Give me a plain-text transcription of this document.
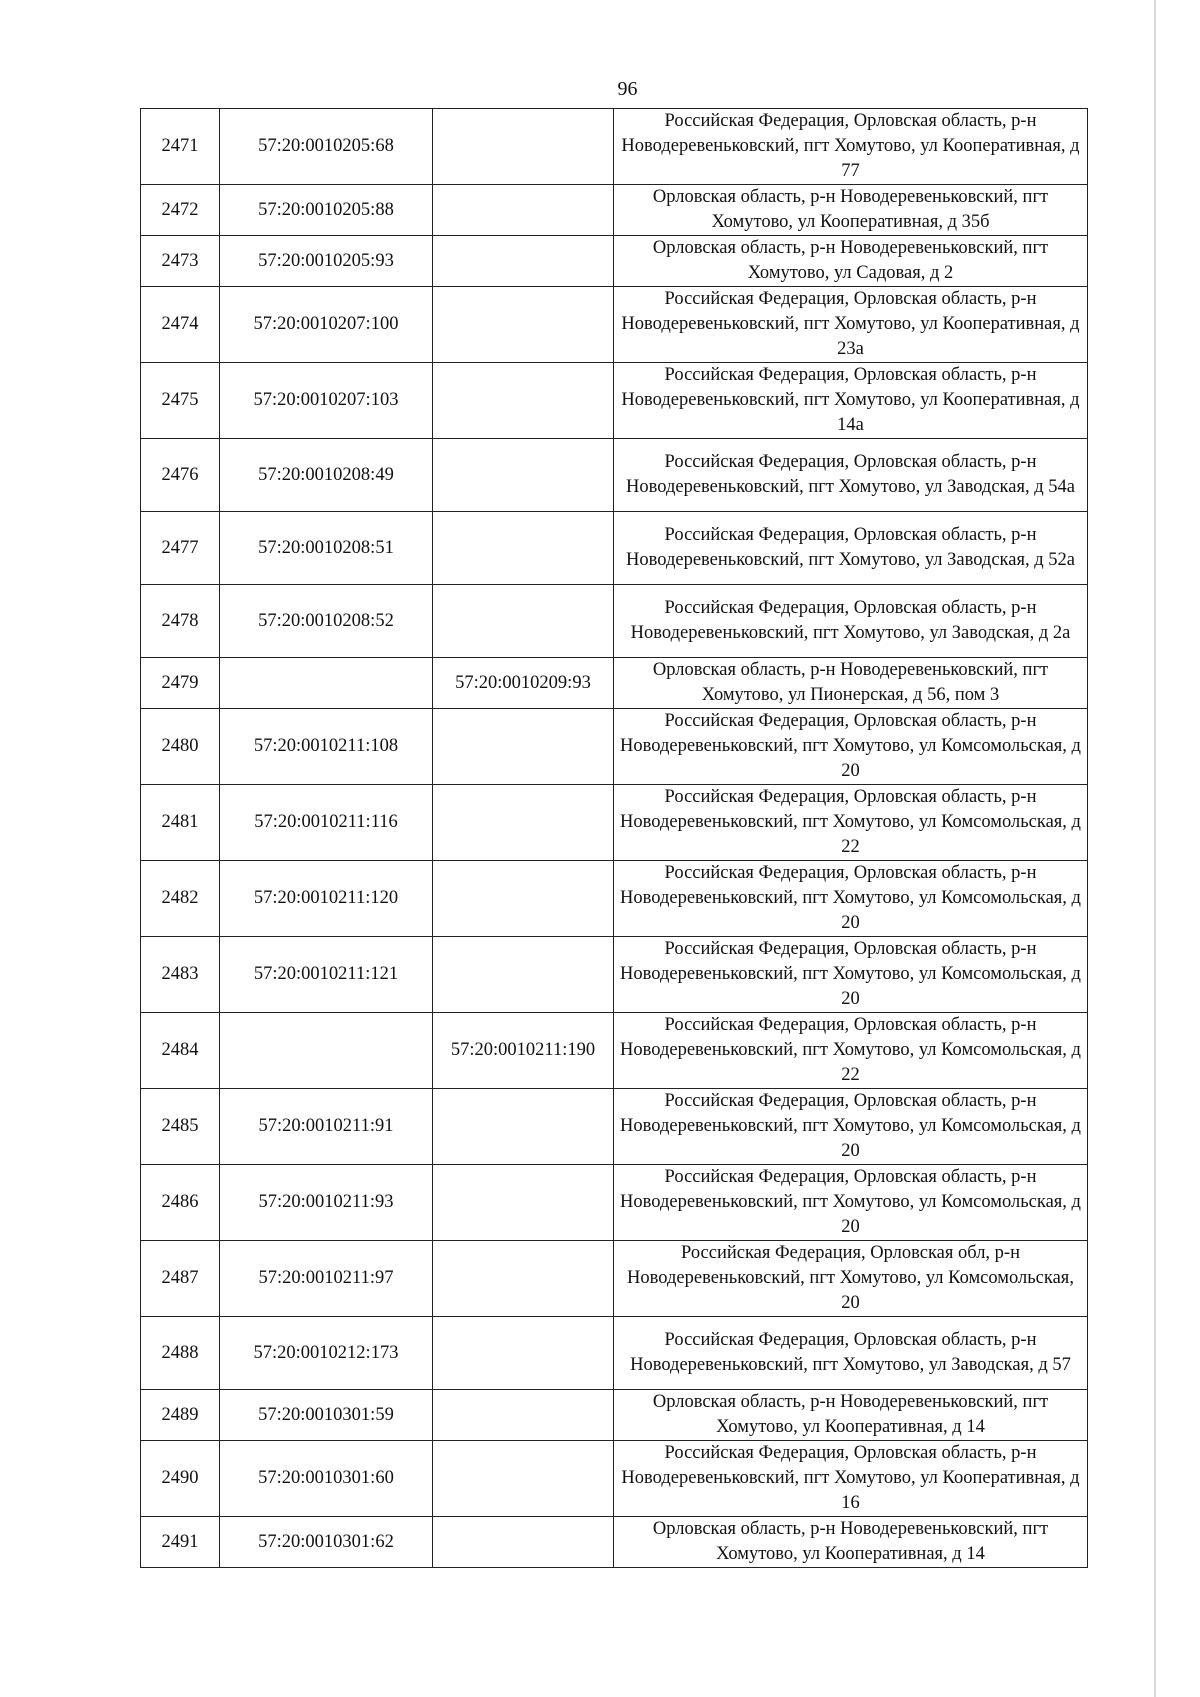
96
2471	57:20:0010205:68		Российская Федерация, Орловская область, р-н Новодеревеньковский, пгт Хомутово, ул Кооперативная, д 77
2472	57:20:0010205:88		Орловская область, р-н Новодеревеньковский, пгт Хомутово, ул Кооперативная, д 35б
2473	57:20:0010205:93		Орловская область, р-н Новодеревеньковский, пгт Хомутово, ул Садовая, д 2
2474	57:20:0010207:100		Российская Федерация, Орловская область, р-н Новодеревеньковский, пгт Хомутово, ул Кооперативная, д 23а
2475	57:20:0010207:103		Российская Федерация, Орловская область, р-н Новодеревеньковский, пгт Хомутово, ул Кооперативная, д 14а
2476	57:20:0010208:49		Российская Федерация, Орловская область, р-н Новодеревеньковский, пгт Хомутово, ул Заводская, д 54а
2477	57:20:0010208:51		Российская Федерация, Орловская область, р-н Новодеревеньковский, пгт Хомутово, ул Заводская, д 52а
2478	57:20:0010208:52		Российская Федерация, Орловская область, р-н Новодеревеньковский, пгт Хомутово, ул Заводская, д 2а
2479		57:20:0010209:93	Орловская область, р-н Новодеревеньковский, пгт Хомутово, ул Пионерская, д 56, пом 3
2480	57:20:0010211:108		Российская Федерация, Орловская область, р-н Новодеревеньковский, пгт Хомутово, ул Комсомольская, д 20
2481	57:20:0010211:116		Российская Федерация, Орловская область, р-н Новодеревеньковский, пгт Хомутово, ул Комсомольская, д 22
2482	57:20:0010211:120		Российская Федерация, Орловская область, р-н Новодеревеньковский, пгт Хомутово, ул Комсомольская, д 20
2483	57:20:0010211:121		Российская Федерация, Орловская область, р-н Новодеревеньковский, пгт Хомутово, ул Комсомольская, д 20
2484		57:20:0010211:190	Российская Федерация, Орловская область, р-н Новодеревеньковский, пгт Хомутово, ул Комсомольская, д 22
2485	57:20:0010211:91		Российская Федерация, Орловская область, р-н Новодеревеньковский, пгт Хомутово, ул Комсомольская, д 20
2486	57:20:0010211:93		Российская Федерация, Орловская область, р-н Новодеревеньковский, пгт Хомутово, ул Комсомольская, д 20
2487	57:20:0010211:97		Российская Федерация, Орловская обл, р-н Новодеревеньковский, пгт Хомутово, ул Комсомольская, 20
2488	57:20:0010212:173		Российская Федерация, Орловская область, р-н Новодеревеньковский, пгт Хомутово, ул Заводская, д 57
2489	57:20:0010301:59		Орловская область, р-н Новодеревеньковский, пгт Хомутово, ул Кооперативная, д 14
2490	57:20:0010301:60		Российская Федерация, Орловская область, р-н Новодеревеньковский, пгт Хомутово, ул Кооперативная, д 16
2491	57:20:0010301:62		Орловская область, р-н Новодеревеньковский, пгт Хомутово, ул Кооперативная, д 14
